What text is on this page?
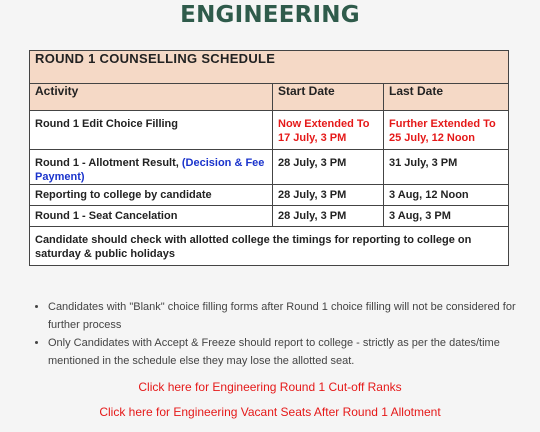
ENGINEERING
ROUND 1 COUNSELLING SCHEDULE		
Activity	Start Date	Last Date

Round 1 Edit Choice Filling	Now Extended To 17 July, 3 PM	Further Extended To 25 July, 12 Noon

Round 1 - Allotment Result, (Decision & Fee Payment)	28 July, 3 PM	31 July, 3 PM

Reporting to college by candidate	28 July, 3 PM	3 Aug, 12 Noon

Round 1 - Seat Cancelation	28 July, 3 PM	3 Aug, 3 PM

Candidate should check with allotted college the timings for reporting to college on saturday & public holidays		
• Candidates with "Blank" choice filling forms after Round 1 choice filling will not be considered for further process
• Only Candidates with Accept & Freeze should report to college - strictly as per the dates/time mentioned in the schedule else they may lose the allotted seat.
Click here for Engineering Round 1 Cut-off Ranks
Click here for Engineering Vacant Seats After Round 1 Allotment
